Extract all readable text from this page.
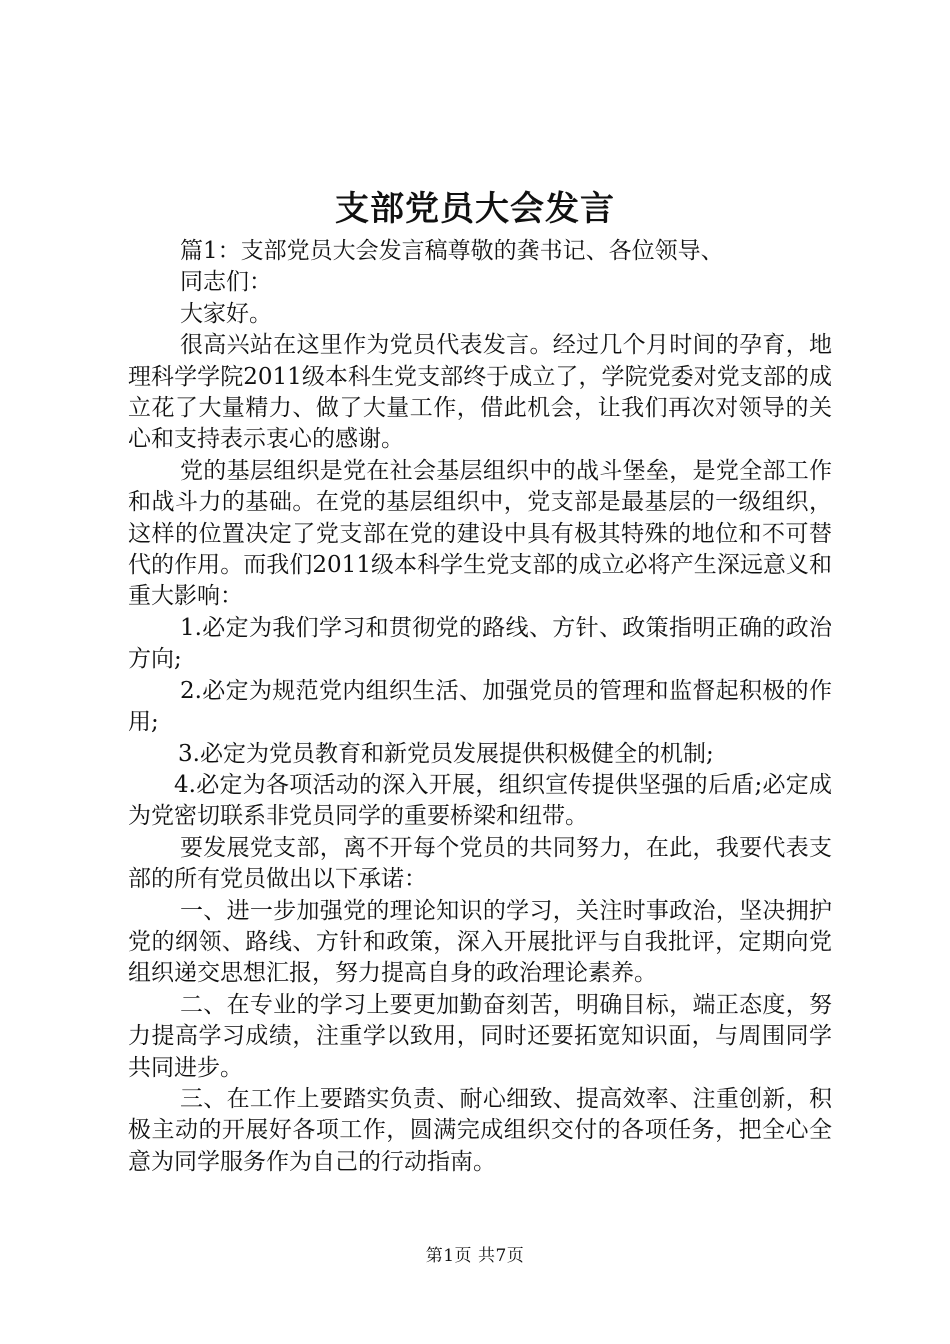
支部党员大会发言

篇1：支部党员大会发言稿尊敬的龚书记、各位领导、

同志们：

大家好。

很高兴站在这里作为党员代表发言。经过几个月时间的孕育，地理科学学院2011级本科生党支部终于成立了，学院党委对党支部的成立花了大量精力、做了大量工作，借此机会，让我们再次对领导的关心和支持表示衷心的感谢。

党的基层组织是党在社会基层组织中的战斗堡垒，是党全部工作和战斗力的基础。在党的基层组织中，党支部是最基层的一级组织，这样的位置决定了党支部在党的建设中具有极其特殊的地位和不可替代的作用。而我们2011级本科学生党支部的成立必将产生深远意义和重大影响：

1.必定为我们学习和贯彻党的路线、方针、政策指明正确的政治方向;

2.必定为规范党内组织生活、加强党员的管理和监督起积极的作用;

3.必定为党员教育和新党员发展提供积极健全的机制;

4.必定为各项活动的深入开展，组织宣传提供坚强的后盾;必定成为党密切联系非党员同学的重要桥梁和纽带。

要发展党支部，离不开每个党员的共同努力，在此，我要代表支部的所有党员做出以下承诺：

一、进一步加强党的理论知识的学习，关注时事政治，坚决拥护党的纲领、路线、方针和政策，深入开展批评与自我批评，定期向党组织递交思想汇报，努力提高自身的政治理论素养。

二、在专业的学习上要更加勤奋刻苦，明确目标，端正态度，努力提高学习成绩，注重学以致用，同时还要拓宽知识面，与周围同学共同进步。

三、在工作上要踏实负责、耐心细致、提高效率、注重创新，积极主动的开展好各项工作，圆满完成组织交付的各项任务，把全心全意为同学服务作为自己的行动指南。

第1页 共7页
